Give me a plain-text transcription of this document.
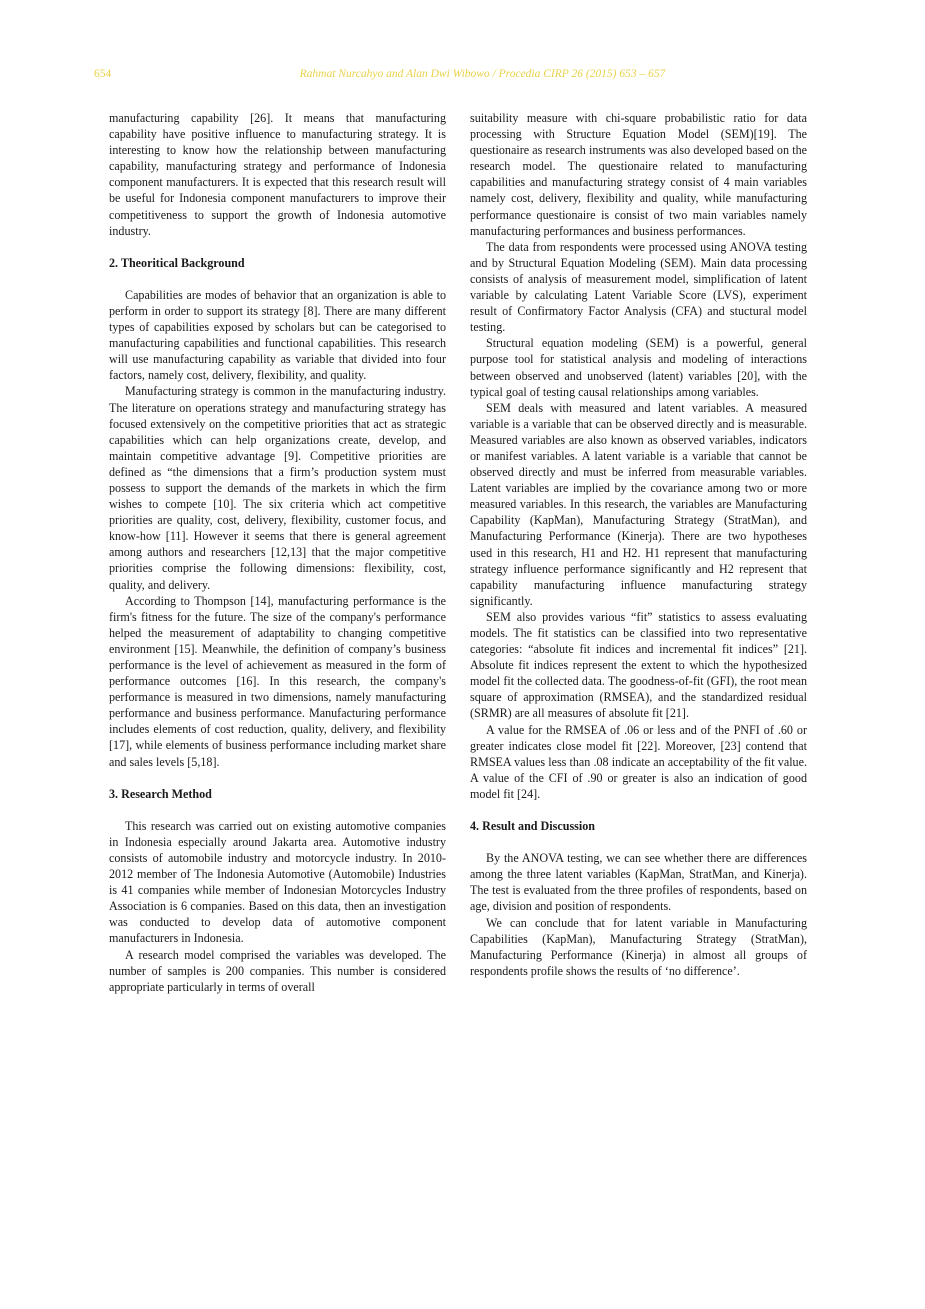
654	Rahmat Nurcahyo and Alan Dwi Wibowo / Procedia CIRP 26 (2015) 653 – 657

manufacturing capability [26]. It means that manufacturing capability have positive influence to manufacturing strategy. It is interesting to know how the relationship between manufacturing capability, manufacturing strategy and performance of Indonesia component manufacturers. It is expected that this research result will be useful for Indonesia component manufacturers to improve their competitiveness to support the growth of Indonesia automotive industry.

2. Theoritical Background

Capabilities are modes of behavior that an organization is able to perform in order to support its strategy [8]. There are many different types of capabilities exposed by scholars but can be categorised to manufacturing capabilities and functional capabilities. This research will use manufacturing capability as variable that divided into four factors, namely cost, delivery, flexibility, and quality.

Manufacturing strategy is common in the manufacturing industry. The literature on operations strategy and manufacturing strategy has focused extensively on the competitive priorities that act as strategic capabilities which can help organizations create, develop, and maintain competitive advantage [9]. Competitive priorities are defined as “the dimensions that a firm’s production system must possess to support the demands of the markets in which the firm wishes to compete [10]. The six criteria which act competitive priorities are quality, cost, delivery, flexibility, customer focus, and know-how [11]. However it seems that there is general agreement among authors and researchers [12,13] that the major competitive priorities comprise the following dimensions: flexibility, cost, quality, and delivery.

According to Thompson [14], manufacturing performance is the firm's fitness for the future. The size of the company's performance helped the measurement of adaptability to changing competitive environment [15]. Meanwhile, the definition of company’s business performance is the level of achievement as measured in the form of performance outcomes [16]. In this research, the company's performance is measured in two dimensions, namely manufacturing performance and business performance. Manufacturing performance includes elements of cost reduction, quality, delivery, and flexibility [17], while elements of business performance including market share and sales levels [5,18].

3. Research Method

This research was carried out on existing automotive companies in Indonesia especially around Jakarta area. Automotive industry consists of automobile industry and motorcycle industry. In 2010-2012 member of The Indonesia Automotive (Automobile) Industries is 41 companies while member of Indonesian Motorcycles Industry Association is 6 companies. Based on this data, then an investigation was conducted to develop data of automotive component manufacturers in Indonesia.

A research model comprised the variables was developed. The number of samples is 200 companies. This number is considered appropriate particularly in terms of overall

suitability measure with chi-square probabilistic ratio for data processing with Structure Equation Model (SEM)[19]. The questionaire as research instruments was also developed based on the research model. The questionaire related to manufacturing capabilities and manufacturing strategy consist of 4 main variables namely cost, delivery, flexibility and quality, while manufacturing performance questionaire is consist of two main variables namely manufacturing performances and business performances.

The data from respondents were processed using ANOVA testing and by Structural Equation Modeling (SEM). Main data processing consists of analysis of measurement model, simplification of latent variable by calculating Latent Variable Score (LVS), experiment result of Confirmatory Factor Analysis (CFA) and stuctural model testing.

Structural equation modeling (SEM) is a powerful, general purpose tool for statistical analysis and modeling of interactions between observed and unobserved (latent) variables [20], with the typical goal of testing causal relationships among variables.

SEM deals with measured and latent variables. A measured variable is a variable that can be observed directly and is measurable. Measured variables are also known as observed variables, indicators or manifest variables. A latent variable is a variable that cannot be observed directly and must be inferred from measurable variables. Latent variables are implied by the covariance among two or more measured variables. In this research, the variables are Manufacturing Capability (KapMan), Manufacturing Strategy (StratMan), and Manufacturing Performance (Kinerja). There are two hypotheses used in this research, H1 and H2. H1 represent that manufacturing strategy influence performance significantly and H2 represent that capability manufacturing influence manufacturing strategy significantly.

SEM also provides various “fit” statistics to assess evaluating models. The fit statistics can be classified into two representative categories: “absolute fit indices and incremental fit indices” [21]. Absolute fit indices represent the extent to which the hypothesized model fit the collected data. The goodness-of-fit (GFI), the root mean square of approximation (RMSEA), and the standardized residual (SRMR) are all measures of absolute fit [21].

A value for the RMSEA of .06 or less and of the PNFI of .60 or greater indicates close model fit [22]. Moreover, [23] contend that RMSEA values less than .08 indicate an acceptability of the fit value. A value of the CFI of .90 or greater is also an indication of good model fit [24].

4. Result and Discussion

By the ANOVA testing, we can see whether there are differences among the three latent variables (KapMan, StratMan, and Kinerja). The test is evaluated from the three profiles of respondents, based on age, division and position of respondents.

We can conclude that for latent variable in Manufacturing Capabilities (KapMan), Manufacturing Strategy (StratMan), Manufacturing Performance (Kinerja) in almost all groups of respondents profile shows the results of ‘no difference’.
